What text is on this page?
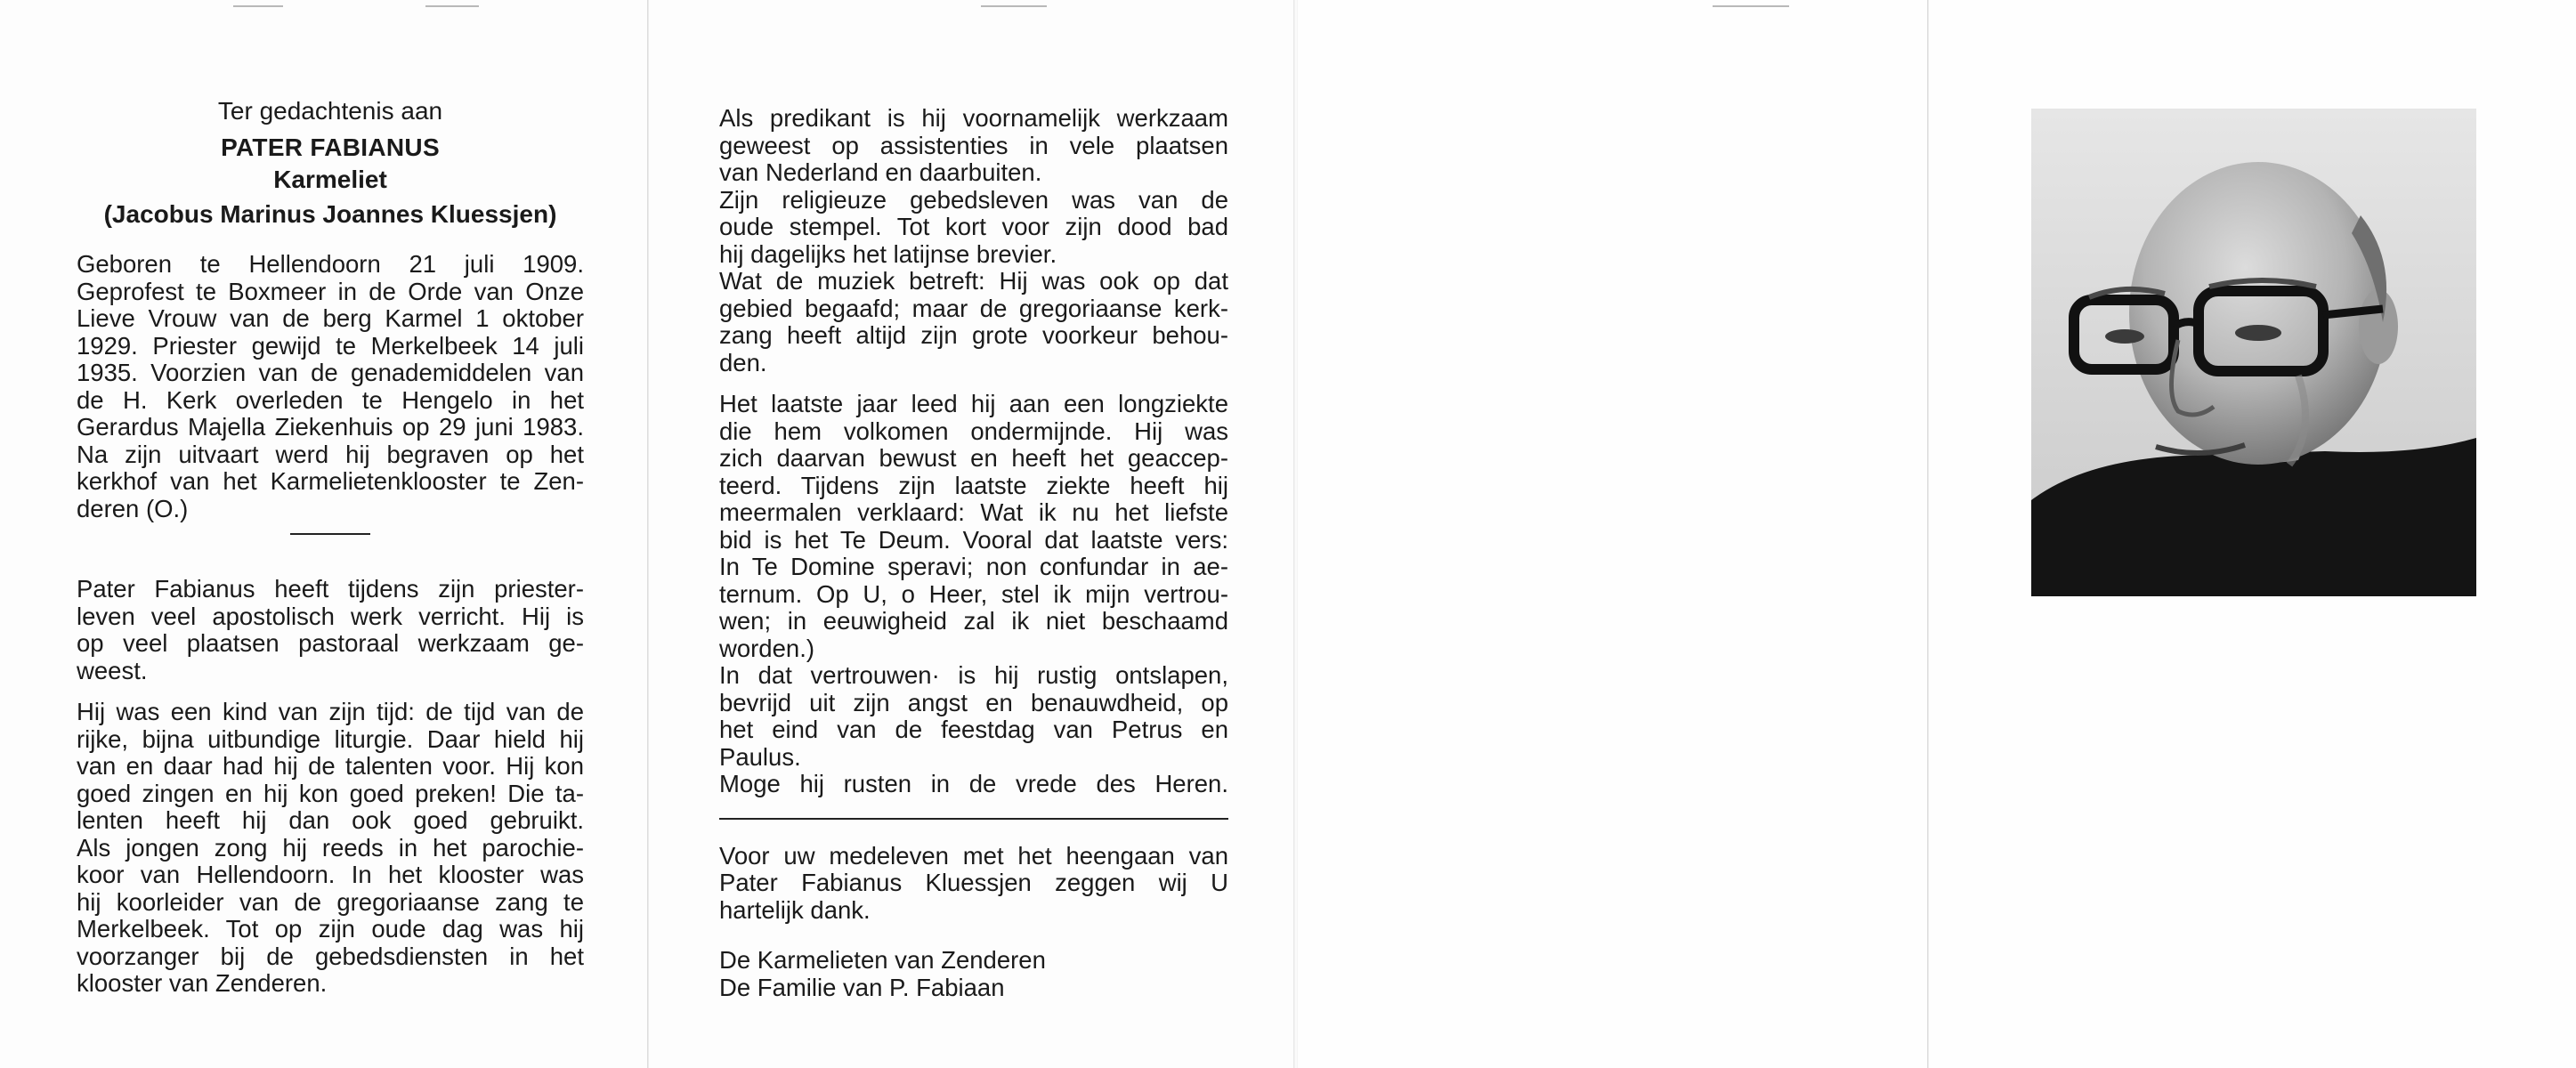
Ter gedachtenis aan
PATER FABIANUS
Karmeliet
(Jacobus Marinus Joannes Kluessjen)

Geboren te Hellendoorn 21 juli 1909.
Geprofest te Boxmeer in de Orde van Onze
Lieve Vrouw van de berg Karmel 1 oktober
1929. Priester gewijd te Merkelbeek 14 juli
1935. Voorzien van de genademiddelen van
de H. Kerk overleden te Hengelo in het
Gerardus Majella Ziekenhuis op 29 juni 1983.
Na zijn uitvaart werd hij begraven op het
kerkhof van het Karmelietenklooster te Zen-
deren (O.)

Pater Fabianus heeft tijdens zijn priester-
leven veel apostolisch werk verricht. Hij is
op veel plaatsen pastoraal werkzaam ge-
weest.

Hij was een kind van zijn tijd: de tijd van de
rijke, bijna uitbundige liturgie. Daar hield hij
van en daar had hij de talenten voor. Hij kon
goed zingen en hij kon goed preken! Die ta-
lenten heeft hij dan ook goed gebruikt.
Als jongen zong hij reeds in het parochie-
koor van Hellendoorn. In het klooster was
hij koorleider van de gregoriaanse zang te
Merkelbeek. Tot op zijn oude dag was hij
voorzanger bij de gebedsdiensten in het
klooster van Zenderen.

Als predikant is hij voornamelijk werkzaam
geweest op assistenties in vele plaatsen
van Nederland en daarbuiten.
Zijn religieuze gebedsleven was van de
oude stempel. Tot kort voor zijn dood bad
hij dagelijks het latijnse brevier.
Wat de muziek betreft: Hij was ook op dat
gebied begaafd; maar de gregoriaanse kerk-
zang heeft altijd zijn grote voorkeur behou-
den.

Het laatste jaar leed hij aan een longziekte
die hem volkomen ondermijnde. Hij was
zich daarvan bewust en heeft het geaccep-
teerd. Tijdens zijn laatste ziekte heeft hij
meermalen verklaard: Wat ik nu het liefste
bid is het Te Deum. Vooral dat laatste vers:
In Te Domine speravi; non confundar in ae-
ternum. Op U, o Heer, stel ik mijn vertrou-
wen; in eeuwigheid zal ik niet beschaamd
worden.)
In dat vertrouwen· is hij rustig ontslapen,
bevrijd uit zijn angst en benauwdheid, op
het eind van de feestdag van Petrus en
Paulus.
Moge hij rusten in de vrede des Heren.

Voor uw medeleven met het heengaan van
Pater Fabianus Kluessjen zeggen wij U
hartelijk dank.

De Karmelieten van Zenderen
De Familie van P. Fabiaan
